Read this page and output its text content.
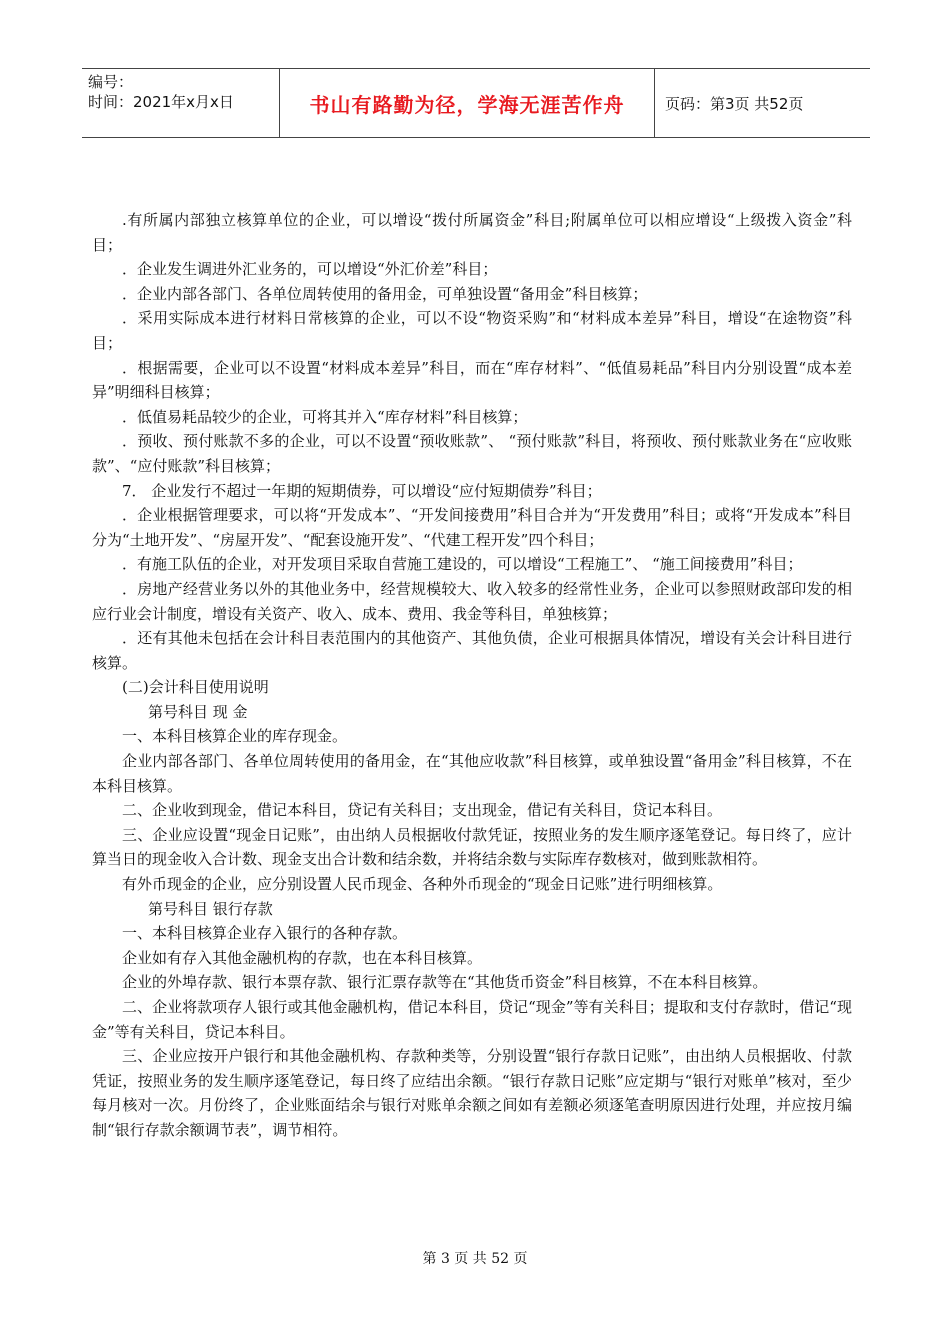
编号：
时间：2021年x月x日	书山有路勤为径，学海无涯苦作舟	页码：第3页 共52页

.有所属内部独立核算单位的企业，可以增设“拨付所属资金”科目;附属单位可以相应增设“上级拨入资金”科目；

．企业发生调进外汇业务的，可以增设“外汇价差”科目；

．企业内部各部门、各单位周转使用的备用金，可单独设置“备用金”科目核算；

．采用实际成本进行材料日常核算的企业，可以不设“物资采购”和“材料成本差异”科目，增设“在途物资”科目；

．根据需要，企业可以不设置“材料成本差异”科目，而在“库存材料”、“低值易耗品”科目内分别设置“成本差异”明细科目核算；

．低值易耗品较少的企业，可将其并入“库存材料”科目核算；

．预收、预付账款不多的企业，可以不设置“预收账款”、 “预付账款”科目，将预收、预付账款业务在“应收账款”、“应付账款”科目核算；

7． 企业发行不超过一年期的短期债券，可以增设“应付短期债券”科目；

．企业根据管理要求，可以将“开发成本”、“开发间接费用”科目合并为“开发费用”科目；或将“开发成本”科目分为“土地开发”、“房屋开发”、“配套设施开发”、“代建工程开发”四个科目；

．有施工队伍的企业，对开发项目采取自营施工建设的，可以增设“工程施工”、 “施工间接费用”科目；

．房地产经营业务以外的其他业务中，经营规模较大、收入较多的经常性业务，企业可以参照财政部印发的相应行业会计制度，增设有关资产、收入、成本、费用、我金等科目，单独核算；

．还有其他未包括在会计科目表范围内的其他资产、其他负债，企业可根据具体情况，增设有关会计科目进行核算。

(二)会计科目使用说明

第号科目 现 金

一、本科目核算企业的库存现金。

企业内部各部门、各单位周转使用的备用金，在“其他应收款”科目核算，或单独设置“备用金”科目核算，不在本科目核算。

二、企业收到现金，借记本科目，贷记有关科目；支出现金，借记有关科目，贷记本科目。

三、企业应设置“现金日记账”，由出纳人员根据收付款凭证，按照业务的发生顺序逐笔登记。每日终了，应计算当日的现金收入合计数、现金支出合计数和结余数，并将结余数与实际库存数核对，做到账款相符。

有外币现金的企业，应分别设置人民币现金、各种外币现金的“现金日记账”进行明细核算。

第号科目 银行存款

一、本科目核算企业存入银行的各种存款。

企业如有存入其他金融机构的存款，也在本科目核算。

企业的外埠存款、银行本票存款、银行汇票存款等在“其他货币资金”科目核算，不在本科目核算。

二、企业将款项存人银行或其他金融机构，借记本科目，贷记“现金”等有关科目；提取和支付存款时，借记“现金”等有关科目，贷记本科目。

三、企业应按开户银行和其他金融机构、存款种类等，分别设置“银行存款日记账”，由出纳人员根据收、付款凭证，按照业务的发生顺序逐笔登记，每日终了应结出余额。“银行存款日记账”应定期与“银行对账单”核对，至少每月核对一次。月份终了，企业账面结余与银行对账单余额之间如有差额必须逐笔查明原因进行处理，并应按月编制“银行存款余额调节表”，调节相符。

第 3 页 共 52 页
